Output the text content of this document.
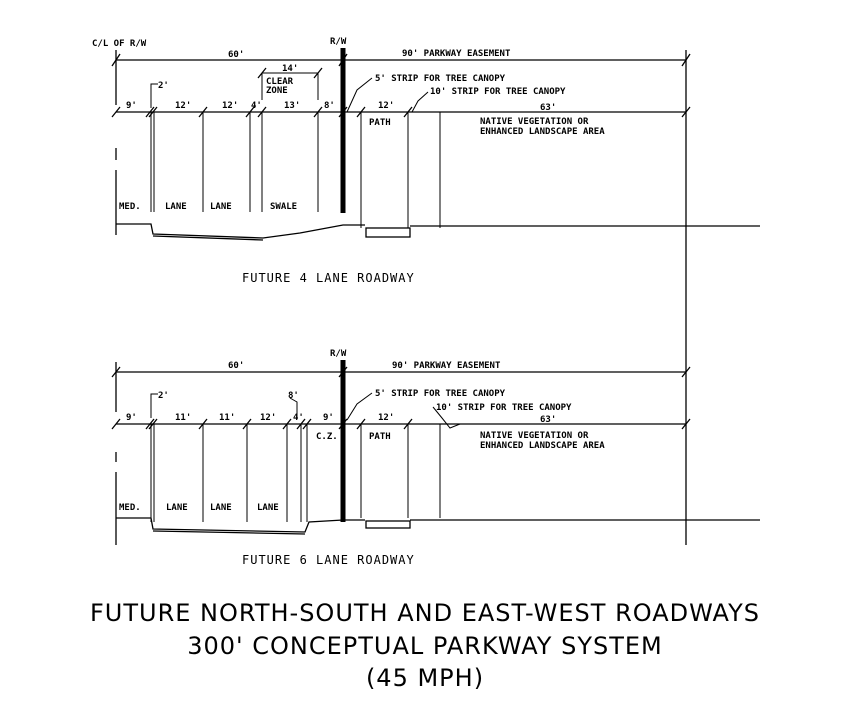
C/L OF R/W	R/W
60'	90' PARKWAY EASEMENT
14'
CLEAR
ZONE
2'
5' STRIP FOR TREE CANOPY
10' STRIP FOR TREE CANOPY
9'	12'	12' 4' 13'	8'	12'	63'
NATIVE VEGETATION OR
ENHANCED LANDSCAPE AREA
PATH
MED.	LANE	LANE	SWALE
FUTURE 4 LANE ROADWAY
R/W
60'	90' PARKWAY EASEMENT
2'	8'	5' STRIP FOR TREE CANOPY
10' STRIP FOR TREE CANOPY
9'	11'	11'	12' 4' 9'	12'	63'
NATIVE VEGETATION OR
ENHANCED LANDSCAPE AREA
C.Z.	PATH
MED.	LANE LANE	LANE
FUTURE 6 LANE ROADWAY
FUTURE NORTH-SOUTH AND EAST-WEST ROADWAYS
300' CONCEPTUAL PARKWAY SYSTEM
(45 MPH)
